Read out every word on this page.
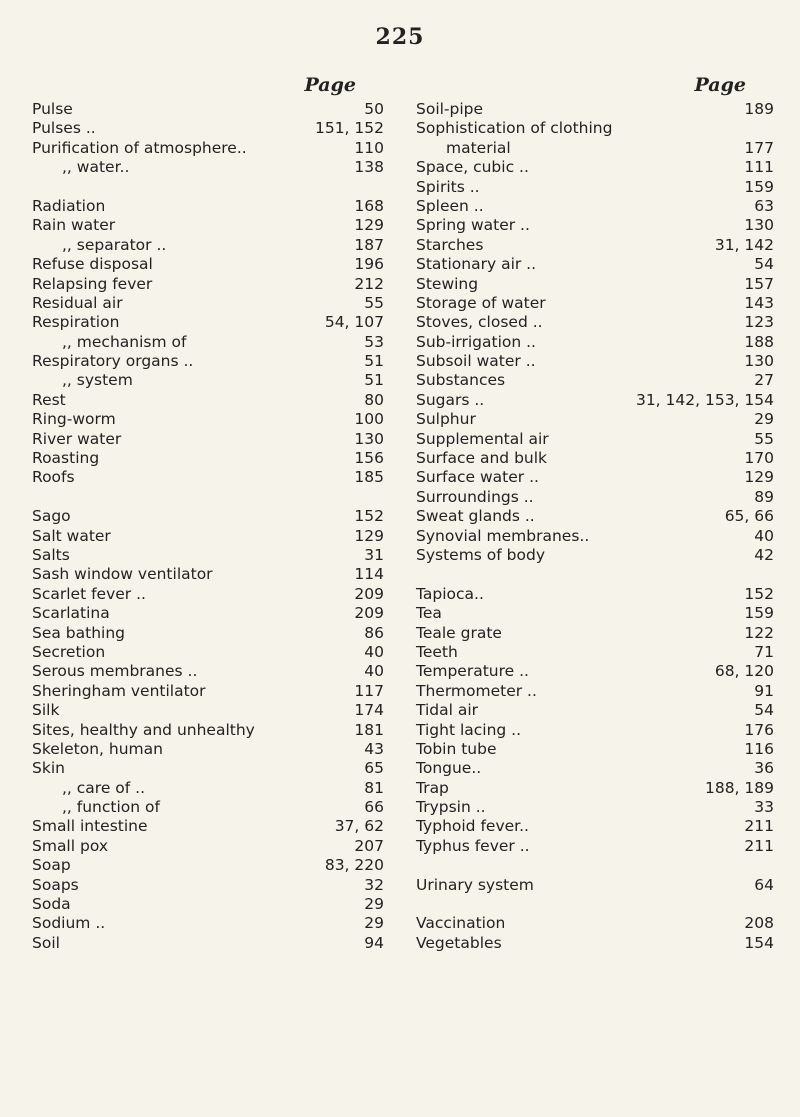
225
Page
Pulse	50
Pulses ..	151, 152
Purification of atmosphere..	110
,, water..	138
Radiation	168
Rain water	129
,, separator ..	187
Refuse disposal	196
Relapsing fever	212
Residual air	55
Respiration	54, 107
,, mechanism of	53
Respiratory organs ..	51
,, system	51
Rest	80
Ring-worm	100
River water	130
Roasting	156
Roofs	185
Sago	152
Salt water	129
Salts	31
Sash window ventilator	114
Scarlet fever ..	209
Scarlatina	209
Sea bathing	86
Secretion	40
Serous membranes ..	40
Sheringham ventilator	117
Silk	174
Sites, healthy and unhealthy	181
Skeleton, human	43
Skin	65
,, care of ..	81
,, function of	66
Small intestine	37, 62
Small pox	207
Soap	83, 220
Soaps	32
Soda	29
Sodium ..	29
Soil	94
Page
Soil-pipe	189
Sophistication of clothing
material	177
Space, cubic ..	111
Spirits ..	159
Spleen ..	63
Spring water ..	130
Starches	31, 142
Stationary air ..	54
Stewing	157
Storage of water	143
Stoves, closed ..	123
Sub-irrigation ..	188
Subsoil water ..	130
Substances	27
Sugars ..	31, 142, 153, 154
Sulphur	29
Supplemental air	55
Surface and bulk	170
Surface water ..	129
Surroundings ..	89
Sweat glands ..	65, 66
Synovial membranes..	40
Systems of body	42
Tapioca..	152
Tea	159
Teale grate	122
Teeth	71
Temperature ..	68, 120
Thermometer ..	91
Tidal air	54
Tight lacing ..	176
Tobin tube	116
Tongue..	36
Trap	188, 189
Trypsin ..	33
Typhoid fever..	211
Typhus fever ..	211
Urinary system	64
Vaccination	208
Vegetables	154
